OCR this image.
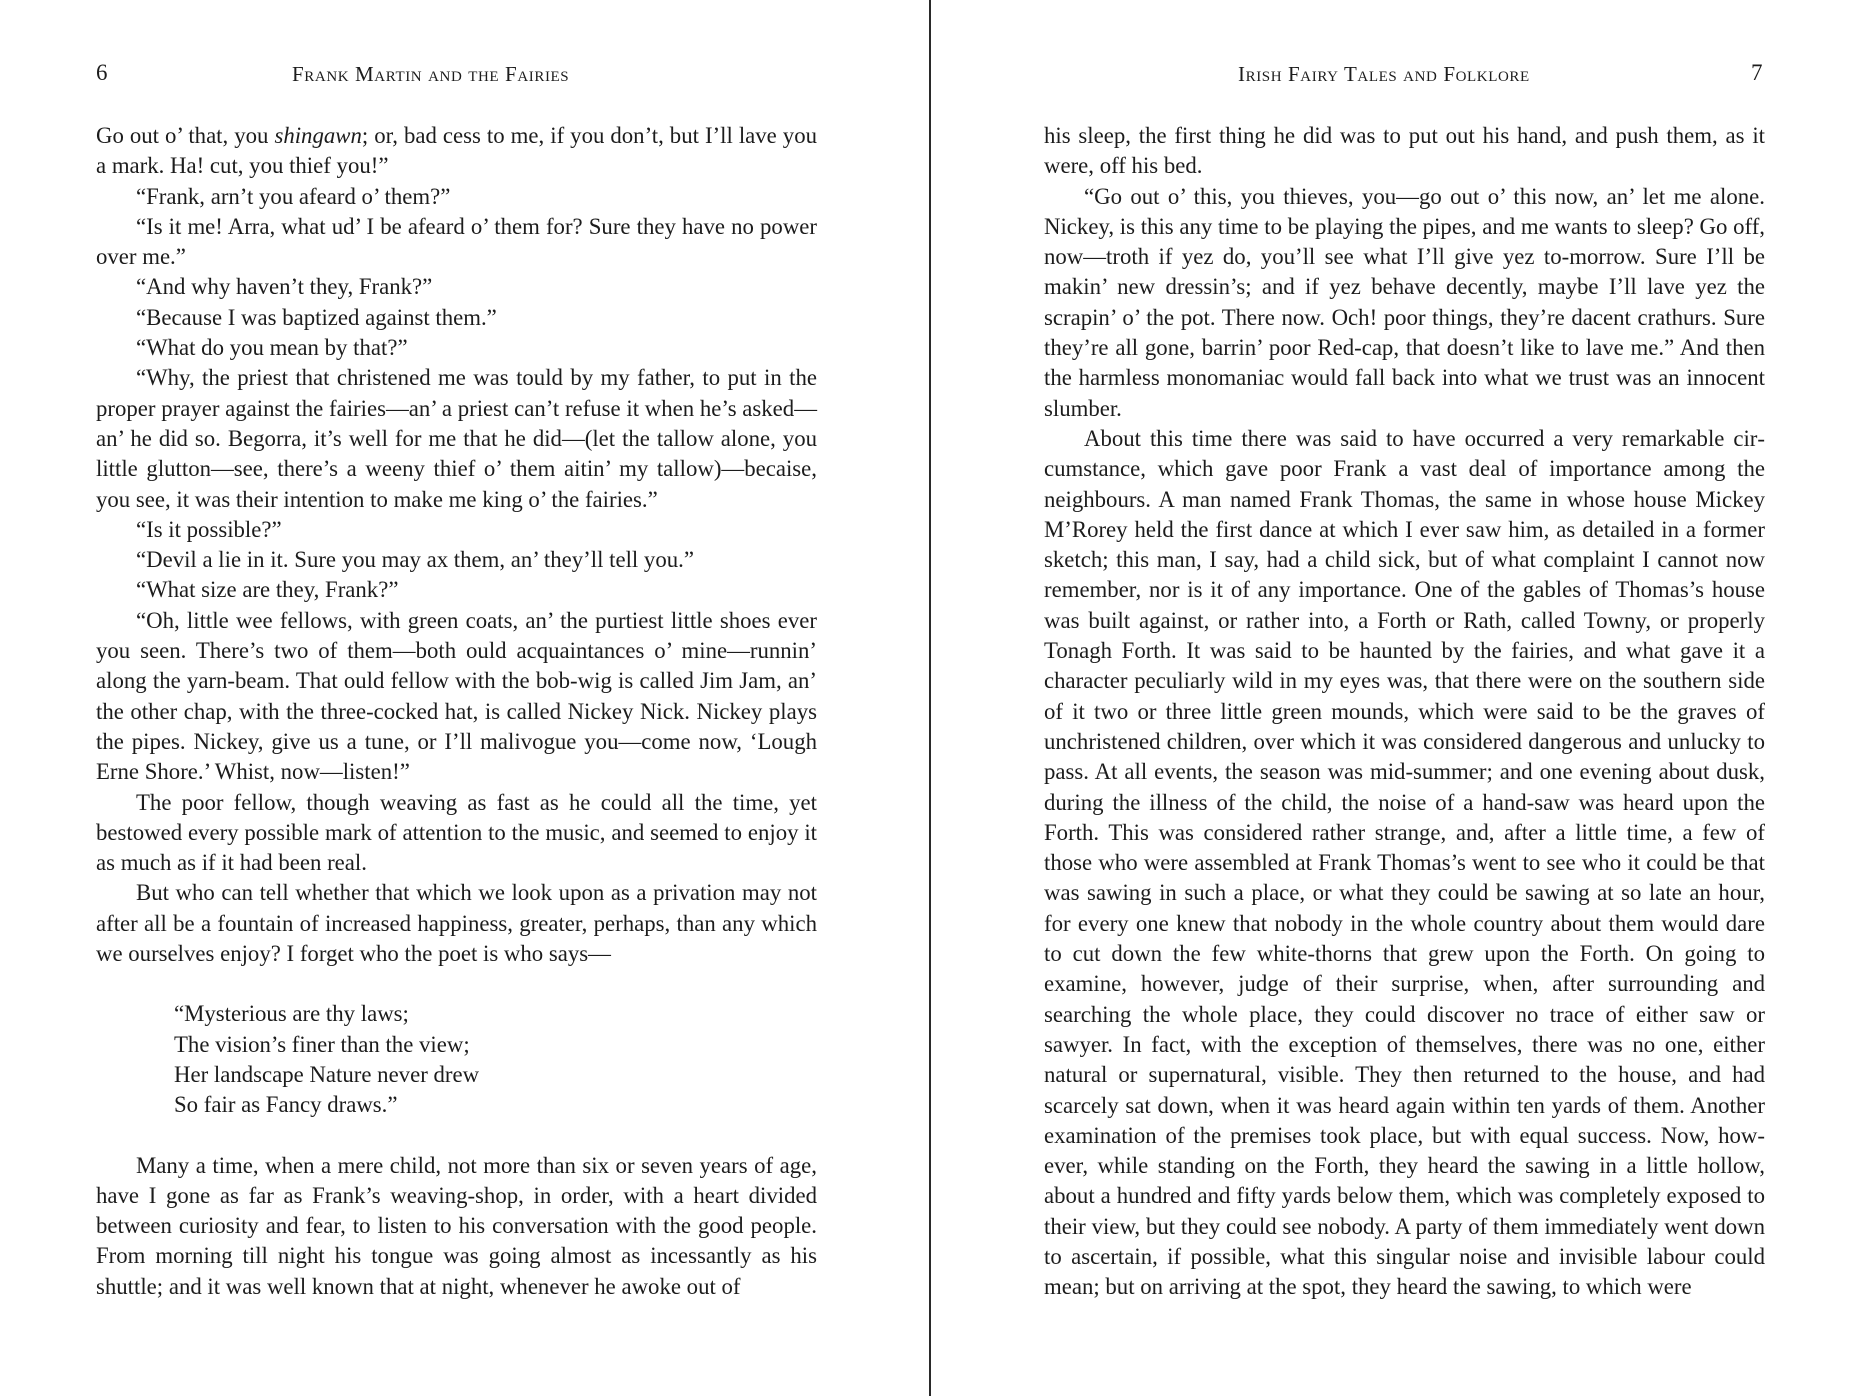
6	Frank Martin and the Fairies

Go out o’ that, you shingawn; or, bad cess to me, if you don’t, but I’ll lave you a mark. Ha! cut, you thief you!”

“Frank, arn’t you afeard o’ them?”

“Is it me! Arra, what ud’ I be afeard o’ them for? Sure they have no power over me.”

“And why haven’t they, Frank?”

“Because I was baptized against them.”

“What do you mean by that?”

“Why, the priest that christened me was tould by my father, to put in the proper prayer against the fairies—an’ a priest can’t refuse it when he’s asked—an’ he did so. Begorra, it’s well for me that he did—(let the tallow alone, you little glutton—see, there’s a weeny thief o’ them aitin’ my tallow)—becaise, you see, it was their intention to make me king o’ the fairies.”

“Is it possible?”

“Devil a lie in it. Sure you may ax them, an’ they’ll tell you.”

“What size are they, Frank?”

“Oh, little wee fellows, with green coats, an’ the purtiest little shoes ever you seen. There’s two of them—both ould acquaintances o’ mine—runnin’ along the yarn-beam. That ould fellow with the bob-wig is called Jim Jam, an’ the other chap, with the three-cocked hat, is called Nickey Nick. Nickey plays the pipes. Nickey, give us a tune, or I’ll malivogue you—come now, ‘Lough Erne Shore.’ Whist, now—listen!”

The poor fellow, though weaving as fast as he could all the time, yet bestowed every possible mark of attention to the music, and seemed to enjoy it as much as if it had been real.

But who can tell whether that which we look upon as a privation may not after all be a fountain of increased happiness, greater, perhaps, than any which we ourselves enjoy? I forget who the poet is who says—

“Mysterious are thy laws;
The vision’s finer than the view;
Her landscape Nature never drew
So fair as Fancy draws.”

Many a time, when a mere child, not more than six or seven years of age, have I gone as far as Frank’s weaving-shop, in order, with a heart divided between curiosity and fear, to listen to his conversation with the good people. From morning till night his tongue was going almost as incessantly as his shuttle; and it was well known that at night, whenever he awoke out of

Irish Fairy Tales and Folklore	7

his sleep, the first thing he did was to put out his hand, and push them, as it were, off his bed.

“Go out o’ this, you thieves, you—go out o’ this now, an’ let me alone. Nickey, is this any time to be playing the pipes, and me wants to sleep? Go off, now—troth if yez do, you’ll see what I’ll give yez to-morrow. Sure I’ll be makin’ new dressin’s; and if yez behave decently, maybe I’ll lave yez the scrapin’ o’ the pot. There now. Och! poor things, they’re dacent crathurs. Sure they’re all gone, barrin’ poor Red-cap, that doesn’t like to lave me.” And then the harmless monomaniac would fall back into what we trust was an innocent slumber.

About this time there was said to have occurred a very remarkable circumstance, which gave poor Frank a vast deal of importance among the neighbours. A man named Frank Thomas, the same in whose house Mickey M’Rorey held the first dance at which I ever saw him, as detailed in a former sketch; this man, I say, had a child sick, but of what complaint I cannot now remember, nor is it of any importance. One of the gables of Thomas’s house was built against, or rather into, a Forth or Rath, called Towny, or properly Tonagh Forth. It was said to be haunted by the fairies, and what gave it a character peculiarly wild in my eyes was, that there were on the southern side of it two or three little green mounds, which were said to be the graves of unchristened children, over which it was considered dangerous and unlucky to pass. At all events, the season was mid-summer; and one evening about dusk, during the illness of the child, the noise of a hand-saw was heard upon the Forth. This was considered rather strange, and, after a little time, a few of those who were assembled at Frank Thomas’s went to see who it could be that was sawing in such a place, or what they could be sawing at so late an hour, for every one knew that nobody in the whole country about them would dare to cut down the few white-thorns that grew upon the Forth. On going to examine, however, judge of their surprise, when, after surrounding and searching the whole place, they could discover no trace of either saw or sawyer. In fact, with the exception of themselves, there was no one, either natural or supernatural, visible. They then returned to the house, and had scarcely sat down, when it was heard again within ten yards of them. Another examination of the premises took place, but with equal success. Now, however, while standing on the Forth, they heard the sawing in a little hollow, about a hundred and fifty yards below them, which was completely exposed to their view, but they could see nobody. A party of them immediately went down to ascertain, if possible, what this singular noise and invisible labour could mean; but on arriving at the spot, they heard the sawing, to which were
